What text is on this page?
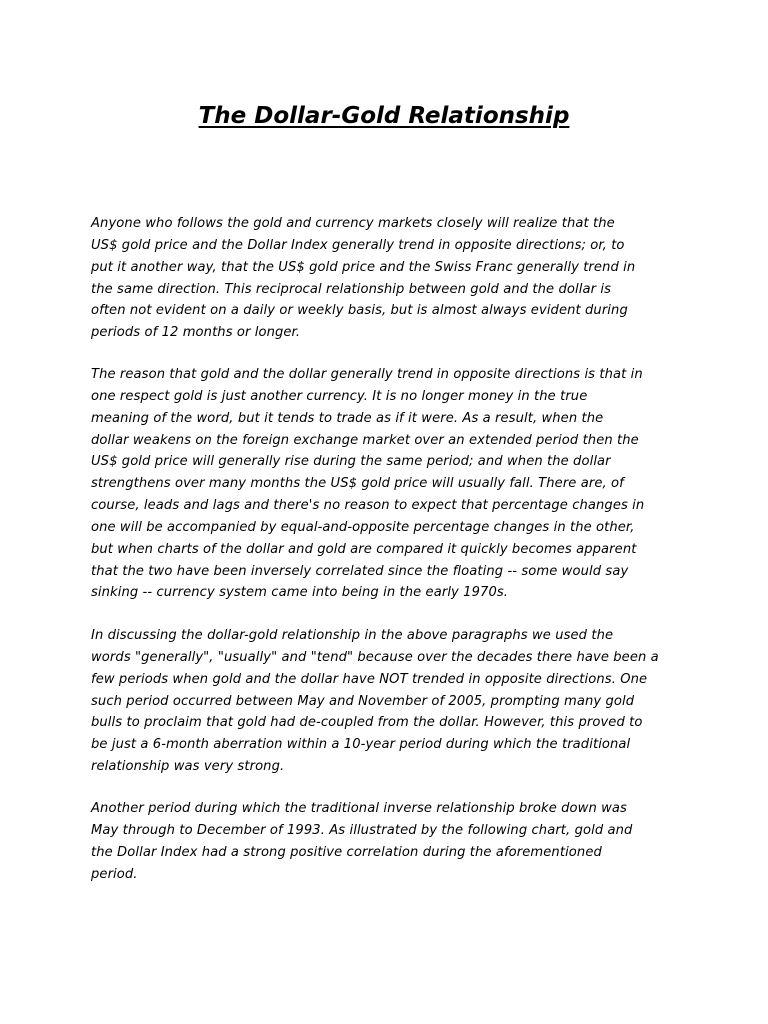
The Dollar-Gold Relationship

Anyone who follows the gold and currency markets closely will realize that the
US$ gold price and the Dollar Index generally trend in opposite directions; or, to
put it another way, that the US$ gold price and the Swiss Franc generally trend in
the same direction. This reciprocal relationship between gold and the dollar is
often not evident on a daily or weekly basis, but is almost always evident during
periods of 12 months or longer.

The reason that gold and the dollar generally trend in opposite directions is that in
one respect gold is just another currency. It is no longer money in the true
meaning of the word, but it tends to trade as if it were. As a result, when the
dollar weakens on the foreign exchange market over an extended period then the
US$ gold price will generally rise during the same period; and when the dollar
strengthens over many months the US$ gold price will usually fall. There are, of
course, leads and lags and there's no reason to expect that percentage changes in
one will be accompanied by equal-and-opposite percentage changes in the other,
but when charts of the dollar and gold are compared it quickly becomes apparent
that the two have been inversely correlated since the floating -- some would say
sinking -- currency system came into being in the early 1970s.

In discussing the dollar-gold relationship in the above paragraphs we used the
words "generally", "usually" and "tend" because over the decades there have been a
few periods when gold and the dollar have NOT trended in opposite directions. One
such period occurred between May and November of 2005, prompting many gold
bulls to proclaim that gold had de-coupled from the dollar. However, this proved to
be just a 6-month aberration within a 10-year period during which the traditional
relationship was very strong.

Another period during which the traditional inverse relationship broke down was
May through to December of 1993. As illustrated by the following chart, gold and
the Dollar Index had a strong positive correlation during the aforementioned
period.
